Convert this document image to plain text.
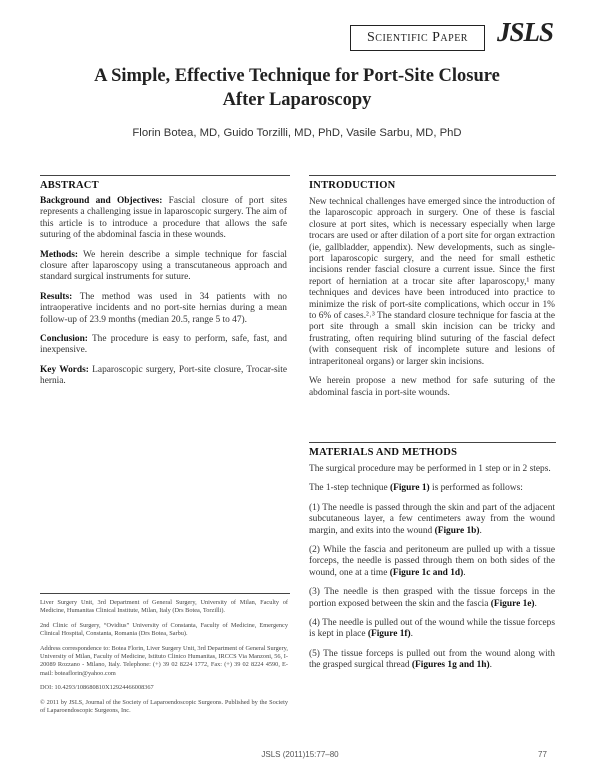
Scientific Paper	JSLS
A Simple, Effective Technique for Port-Site Closure
After Laparoscopy
Florin Botea, MD, Guido Torzilli, MD, PhD, Vasile Sarbu, MD, PhD
ABSTRACT

Background and Objectives: Fascial closure of port sites represents a challenging issue in laparoscopic surgery. The aim of this article is to introduce a procedure that allows the safe suturing of the abdominal fascia in these wounds.

Methods: We herein describe a simple technique for fascial closure after laparoscopy using a transcutaneous approach and standard surgical instruments for suture.

Results: The method was used in 34 patients with no intraoperative incidents and no port-site hernias during a mean follow-up of 23.9 months (median 20.5, range 5 to 47).

Conclusion: The procedure is easy to perform, safe, fast, and inexpensive.

Key Words: Laparoscopic surgery, Port-site closure, Trocar-site hernia.

Liver Surgery Unit, 3rd Department of General Surgery, University of Milan, Faculty of Medicine, Humanitas Clinical Institute, Milan, Italy (Drs Botea, Torzilli).

2nd Clinic of Surgery, “Ovidius” University of Constanta, Faculty of Medicine, Emergency Clinical Hospital, Constanta, Romania (Drs Botea, Sarbu).

Address correspondence to: Botea Florin, Liver Surgery Unit, 3rd Department of General Surgery, University of Milan, Faculty of Medicine, Istituto Clinico Humanitas, IRCCS Via Manzoni, 56, I-20089 Rozzano - Milano, Italy. Telephone: (+) 39 02 8224 1772, Fax: (+) 39 02 8224 4590, E-mail: boteaflorin@yahoo.com

DOI: 10.4293/108680810X12924466008367

© 2011 by JSLS, Journal of the Society of Laparoendoscopic Surgeons. Published by the Society of Laparoendoscopic Surgeons, Inc.

INTRODUCTION

New technical challenges have emerged since the introduction of the laparoscopic approach in surgery. One of these is fascial closure at port sites, which is necessary especially when large trocars are used or after dilation of a port site for organ extraction (ie, gallbladder, appendix). New developments, such as single-port laparoscopic surgery, and the need for small esthetic incisions render fascial closure a current issue. Since the first report of herniation at a trocar site after laparoscopy,¹ many techniques and devices have been introduced into practice to minimize the risk of port-site complications, which occur in 1% to 6% of cases.²˒³ The standard closure technique for fascia at the port site through a small skin incision can be tricky and frustrating, often requiring blind suturing of the fascial defect (with consequent risk of incomplete suture and lesions of intraperitoneal organs) or larger skin incisions.

We herein propose a new method for safe suturing of the abdominal fascia in port-site wounds.

MATERIALS AND METHODS

The surgical procedure may be performed in 1 step or in 2 steps.

The 1-step technique (Figure 1) is performed as follows:

(1) The needle is passed through the skin and part of the adjacent subcutaneous layer, a few centimeters away from the wound margin, and exits into the wound (Figure 1b).

(2) While the fascia and peritoneum are pulled up with a tissue forceps, the needle is passed through them on both sides of the wound, one at a time (Figure 1c and 1d).

(3) The needle is then grasped with the tissue forceps in the portion exposed between the skin and the fascia (Figure 1e).

(4) The needle is pulled out of the wound while the tissue forceps is kept in place (Figure 1f).

(5) The tissue forceps is pulled out from the wound along with the grasped surgical thread (Figures 1g and 1h).

JSLS (2011)15:77–80	77
